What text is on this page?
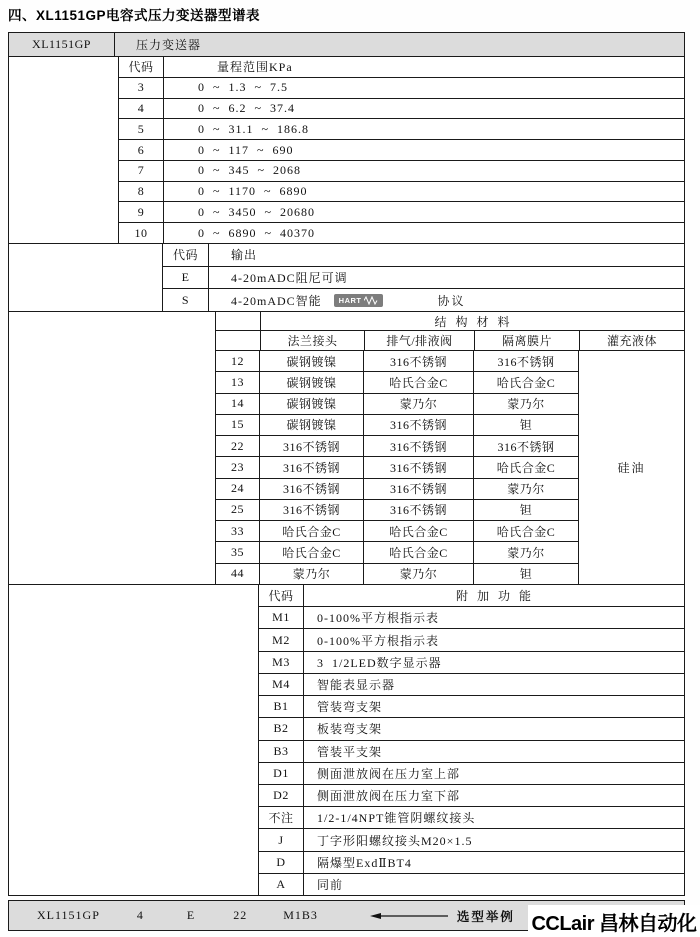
四、XL1151GP电容式压力变送器型谱表
XL1151GP	压力变送器
代码	量程范围KPa
3	0  ~  1.3  ~  7.5
4	0  ~  6.2  ~  37.4
5	0  ~  31.1  ~  186.8
6	0  ~  117  ~  690
7	0  ~  345  ~  2068
8	0  ~  1170  ~  6890
9	0  ~  3450  ~  20680
10	0  ~  6890  ~  40370
代码	输出
E	4-20mADC阻尼可调
S	4-20mADC智能 HART	协议
结  构  材  料
法兰接头	排气/排液阀	隔离膜片	灌充液体
12	碳钢镀镍	316不锈钢	316不锈钢
13	碳钢镀镍	哈氏合金C	哈氏合金C
14	碳钢镀镍	蒙乃尔	蒙乃尔
15	碳钢镀镍	316不锈钢	钽
22	316不锈钢	316不锈钢	316不锈钢
23	316不锈钢	316不锈钢	哈氏合金C
24	316不锈钢	316不锈钢	蒙乃尔
25	316不锈钢	316不锈钢	钽
33	哈氏合金C	哈氏合金C	哈氏合金C
35	哈氏合金C	哈氏合金C	蒙乃尔
44	蒙乃尔	蒙乃尔	钽
硅油
代码	附  加  功  能
M1	0-100%平方根指示表
M2	0-100%平方根指示表
M3	3  1/2LED数字显示器
M4	智能表显示器
B1	管装弯支架
B2	板装弯支架
B3	管装平支架
D1	侧面泄放阀在压力室上部
D2	侧面泄放阀在压力室下部
不注	1/2-1/4NPT锥管阴螺纹接头
J	丁字形阳螺纹接头M20×1.5
D	隔爆型ExdⅡBT4
A	同前
XL1151GP	4	E	22	M1B3	选型举例 CCLair 昌林自动化
